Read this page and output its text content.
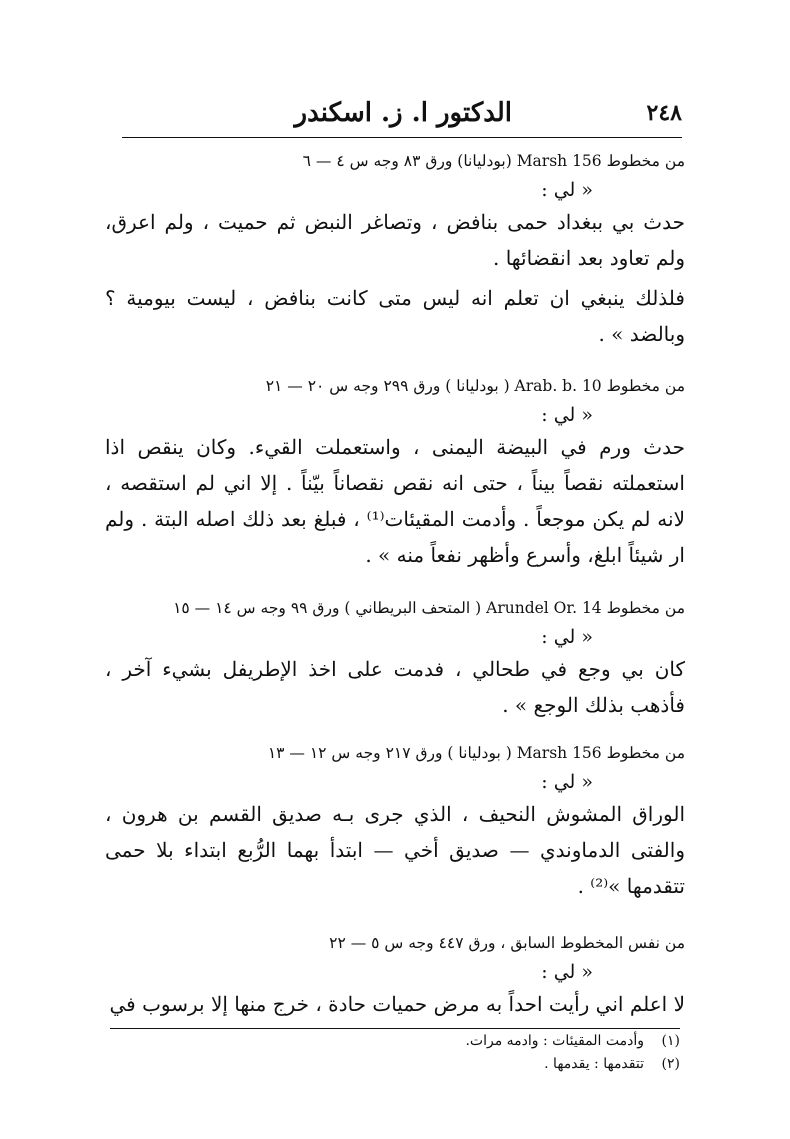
٢٤٨
الدكتور ا. ز. اسكندر
من مخطوط Marsh 156 (بودليانا) ورق ٨٣ وجه س ٤ — ٦
« لي :

حدث بي ببغداد حمى بنافض ، وتصاغر النبض ثم حميت ، ولم اعرق، ولم تعاود بعد انقضائها .

فلذلك ينبغي ان تعلم انه ليس متى كانت بنافض ، ليست بيومية ؟ وبالضد » .

من مخطوط Arab. b. 10 ( بودليانا ) ورق ٢٩٩ وجه س ٢٠ — ٢١
« لي :

حدث ورم في البيضة اليمنى ، واستعملت القيء. وكان ينقص اذا استعملته نقصاً بيناً ، حتى انه نقص نقصاناً بيّناً . إلا اني لم استقصه ، لانه لم يكن موجعاً . وأدمت المقيئات⁽¹⁾ ، فبلغ بعد ذلك اصله البتة . ولم ار شيئاً ابلغ، وأسرع وأظهر نفعاً منه » .

من مخطوط Arundel Or. 14 ( المتحف البريطاني ) ورق ٩٩ وجه س ١٤ — ١٥
« لي :

كان بي وجع في طحالي ، فدمت على اخذ الإطريفل بشيء آخر ، فأذهب بذلك الوجع » .

من مخطوط Marsh 156 ( بودليانا ) ورق ٢١٧ وجه س ١٢ — ١٣
« لي :

الوراق المشوش النحيف ، الذي جرى بـه صديق القسم بن هرون ، والفتى الدماوندي — صديق أخي — ابتدأ بهما الرُّبع ابتداء بلا حمى تتقدمها »⁽²⁾ .

من نفس المخطوط السابق ، ورق ٤٤٧ وجه س ٥ — ٢٢
« لي :

لا اعلم اني رأيت احداً به مرض حميات حادة ، خرج منها إلا برسوب في

(١)
وأدمت المقيئات : وادمه مرات.
(٢)
تتقدمها : يقدمها .
